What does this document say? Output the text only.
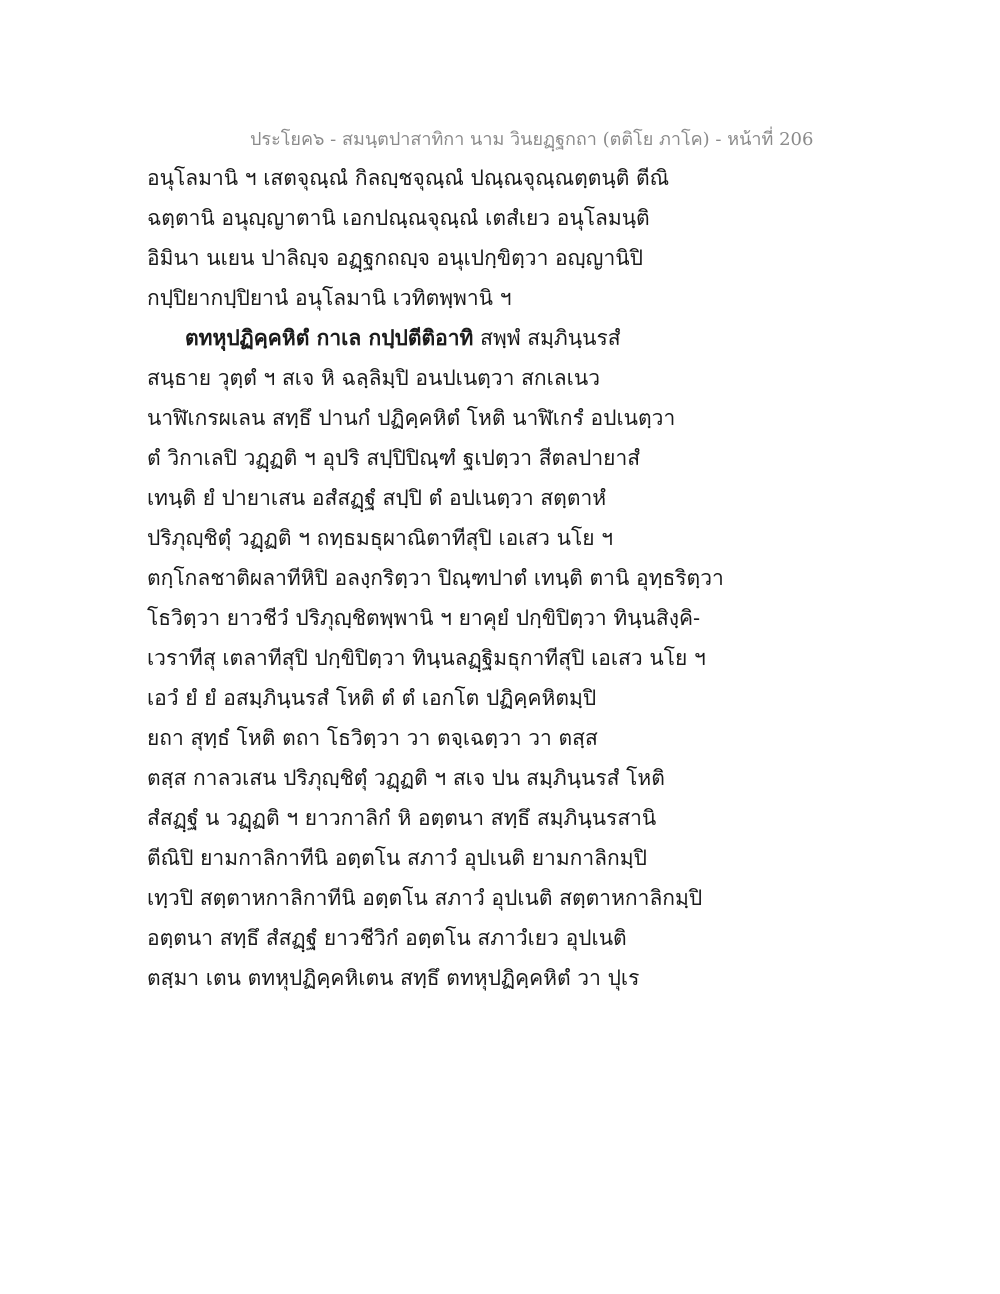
ประโยค๖ - สมนฺตปาสาทิกา นาม วินยฏฺฐกถา (ตติโย ภาโค) - หน้าที่ 206
อนุโลมานิ ฯ เสตจุณฺณํ กิลญฺชจุณฺณํ ปณฺณจุณฺณตฺตนฺติ ตีณิ
ฉตฺตานิ อนุญฺญาตานิ เอกปณฺณจุณฺณํ เตสํเยว อนุโลมนฺติ
อิมินา นเยน ปาลิญฺจ อฏฺฐกถญฺจ อนุเปกฺขิตฺวา อญฺญานิปิ
กปฺปิยากปฺปิยานํ อนุโลมานิ เวทิตพฺพานิ ฯ
ตทหุปฏิคฺคหิตํ กาเล กปฺปตีติอาทิ สพฺพํ สมฺภินฺนรสํ
สนฺธาย วุตฺตํ ฯ สเจ หิ ฉลฺลิมฺปิ อนปเนตฺวา สกเลเนว
นาฬิเกรผเลน สทฺธึ ปานกํ ปฏิคฺคหิตํ โหติ นาฬิเกรํ อปเนตฺวา
ตํ วิกาเลปิ วฏฺฏติ ฯ อุปริ สปฺปิปิณฺฑํ ฐเปตฺวา สีตลปายาสํ
เทนฺติ ยํ ปายาเสน อสํสฏฺฐํ สปฺปิ ตํ อปเนตฺวา สตฺตาหํ
ปริภุญฺชิตุํ วฏฺฏติ ฯ ถทฺธมธุผาณิตาทีสุปิ เอเสว นโย ฯ
ตกฺโกลชาติผลาทีหิปิ อลงฺกริตฺวา ปิณฺฑปาตํ เทนฺติ ตานิ อุทฺธริตฺวา
โธวิตฺวา ยาวชีวํ ปริภุญฺชิตพฺพานิ ฯ ยาคุยํ ปกฺขิปิตฺวา ทินฺนสิงฺคิ-
เวราทีสุ เตลาทีสุปิ ปกฺขิปิตฺวา ทินฺนลฏฺฐิมธุกาทีสุปิ เอเสว นโย ฯ
เอวํ ยํ ยํ อสมฺภินฺนรสํ โหติ ตํ ตํ เอกโต ปฏิคฺคหิตมฺปิ
ยถา สุทฺธํ โหติ ตถา โธวิตฺวา วา ตจฺเฉตฺวา วา ตสฺส
ตสฺส กาลวเสน ปริภุญฺชิตุํ วฏฺฏติ ฯ สเจ ปน สมฺภินฺนรสํ โหติ
สํสฏฺฐํ น วฏฺฏติ ฯ ยาวกาลิกํ หิ อตฺตนา สทฺธึ สมฺภินฺนรสานิ
ตีณิปิ ยามกาลิกาทีนิ อตฺตโน สภาวํ อุปเนติ ยามกาลิกมฺปิ
เทฺวปิ สตฺตาหกาลิกาทีนิ อตฺตโน สภาวํ อุปเนติ สตฺตาหกาลิกมฺปิ
อตฺตนา สทฺธึ สํสฏฺฐํ ยาวชีวิกํ อตฺตโน สภาวํเยว อุปเนติ
ตสฺมา เตน ตทหุปฏิคฺคหิเตน สทฺธึ ตทหุปฏิคฺคหิตํ วา ปุเร
